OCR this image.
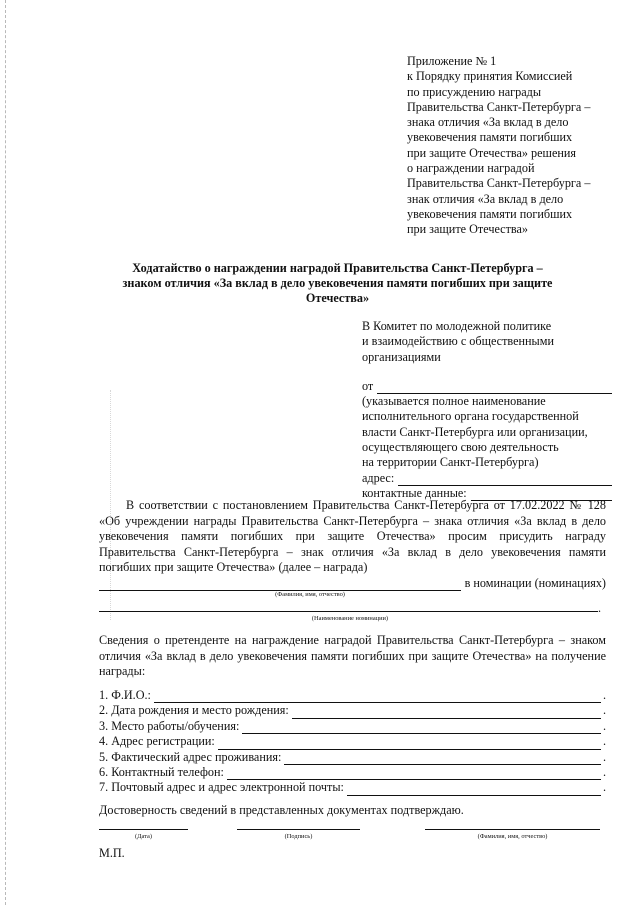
Приложение № 1
к Порядку принятия Комиссией
по присуждению награды
Правительства Санкт-Петербурга –
знака отличия «За вклад в дело
увековечения памяти погибших
при защите Отечества» решения
о награждении наградой
Правительства Санкт-Петербурга –
знак отличия «За вклад в дело
увековечения памяти погибших
при защите Отечества»
Ходатайство о награждении наградой Правительства Санкт-Петербурга –
знаком отличия «За вклад в дело увековечения памяти погибших при защите
Отечества»
В Комитет по молодежной политике
и взаимодействию с общественными
организациями
от
(указывается полное наименование
исполнительного органа государственной
власти Санкт-Петербурга или организации,
осуществляющего свою деятельность
на территории Санкт-Петербурга)
адрес:
контактные данные:

В соответствии с постановлением Правительства Санкт-Петербурга от 17.02.2022 № 128 «Об учреждении награды Правительства Санкт-Петербурга – знака отличия «За вклад в дело увековечения памяти погибших при защите Отечества» просим присудить награду Правительства Санкт-Петербурга – знак отличия «За вклад в дело увековечения памяти погибших при защите Отечества» (далее – награда)

в номинации (номинациях)
(Фамилия, имя, отчество)
.
(Наименование номинации)
Сведения о претенденте на награждение наградой Правительства Санкт-Петербурга – знаком отличия «За вклад в дело увековечения памяти погибших при защите Отечества» на получение награды:
1. Ф.И.О.:	.
2. Дата рождения и место рождения:	.
3. Место работы/обучения:	.
4. Адрес регистрации:	.
5. Фактический адрес проживания:	.
6. Контактный телефон:	.
7. Почтовый адрес и адрес электронной почты:	.
Достоверность сведений в представленных документах подтверждаю.
(Дата)	(Подпись)	(Фамилия, имя, отчество)
М.П.
